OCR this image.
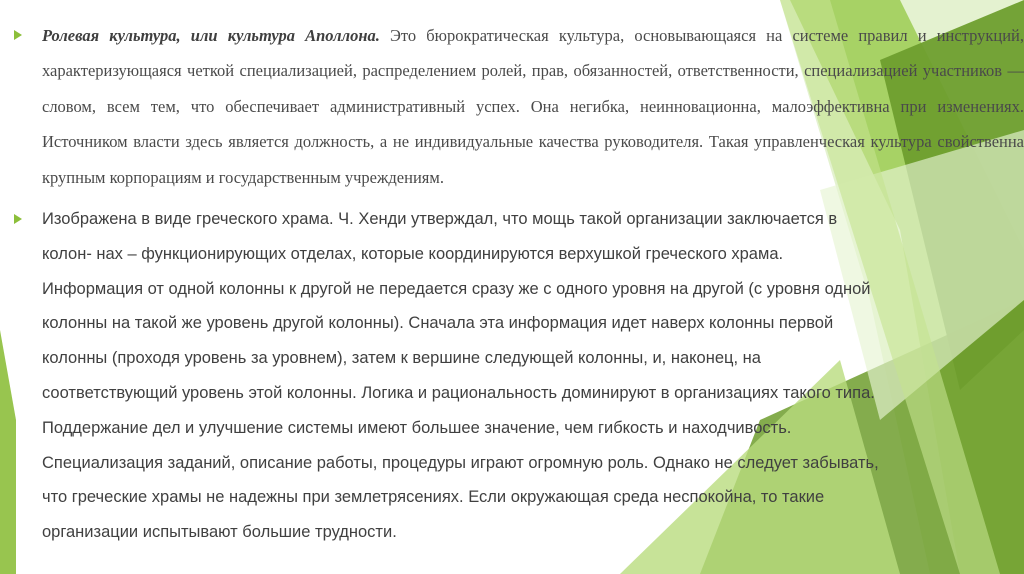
Ролевая культура, или культура Аполлона. Это бюрократическая культура, основывающаяся на системе правил и инструкций, характеризующаяся четкой специализацией, распределением ролей, прав, обязанностей, ответственности, специализацией участников — словом, всем тем, что обеспечивает административный успех. Она негибка, неинновационна, малоэффективна при изменениях. Источником власти здесь является должность, а не индивидуальные качества руководителя. Такая управленческая культура свойственна крупным корпорациям и государственным учреждениям.

Изображена в виде греческого храма. Ч. Хенди утверждал, что мощь такой организации заключается в
колон- нах – функционирующих отделах, которые координируются верхушкой греческого храма.
Информация от одной колонны к другой не передается сразу же с одного уровня на другой (с уровня одной
колонны на такой же уровень другой колонны). Сначала эта информация идет наверх колонны первой
колонны (проходя уровень за уровнем), затем к вершине следующей колонны, и, наконец, на
соответствующий уровень этой колонны. Логика и рациональность доминируют в организациях такого типа.
Поддержание дел и улучшение системы имеют большее значение, чем гибкость и находчивость.
Специализация заданий, описание работы, процедуры играют огромную роль. Однако не следует забывать,
что греческие храмы не надежны при землетрясениях. Если окружающая среда неспокойна, то такие
организации испытывают большие трудности.
